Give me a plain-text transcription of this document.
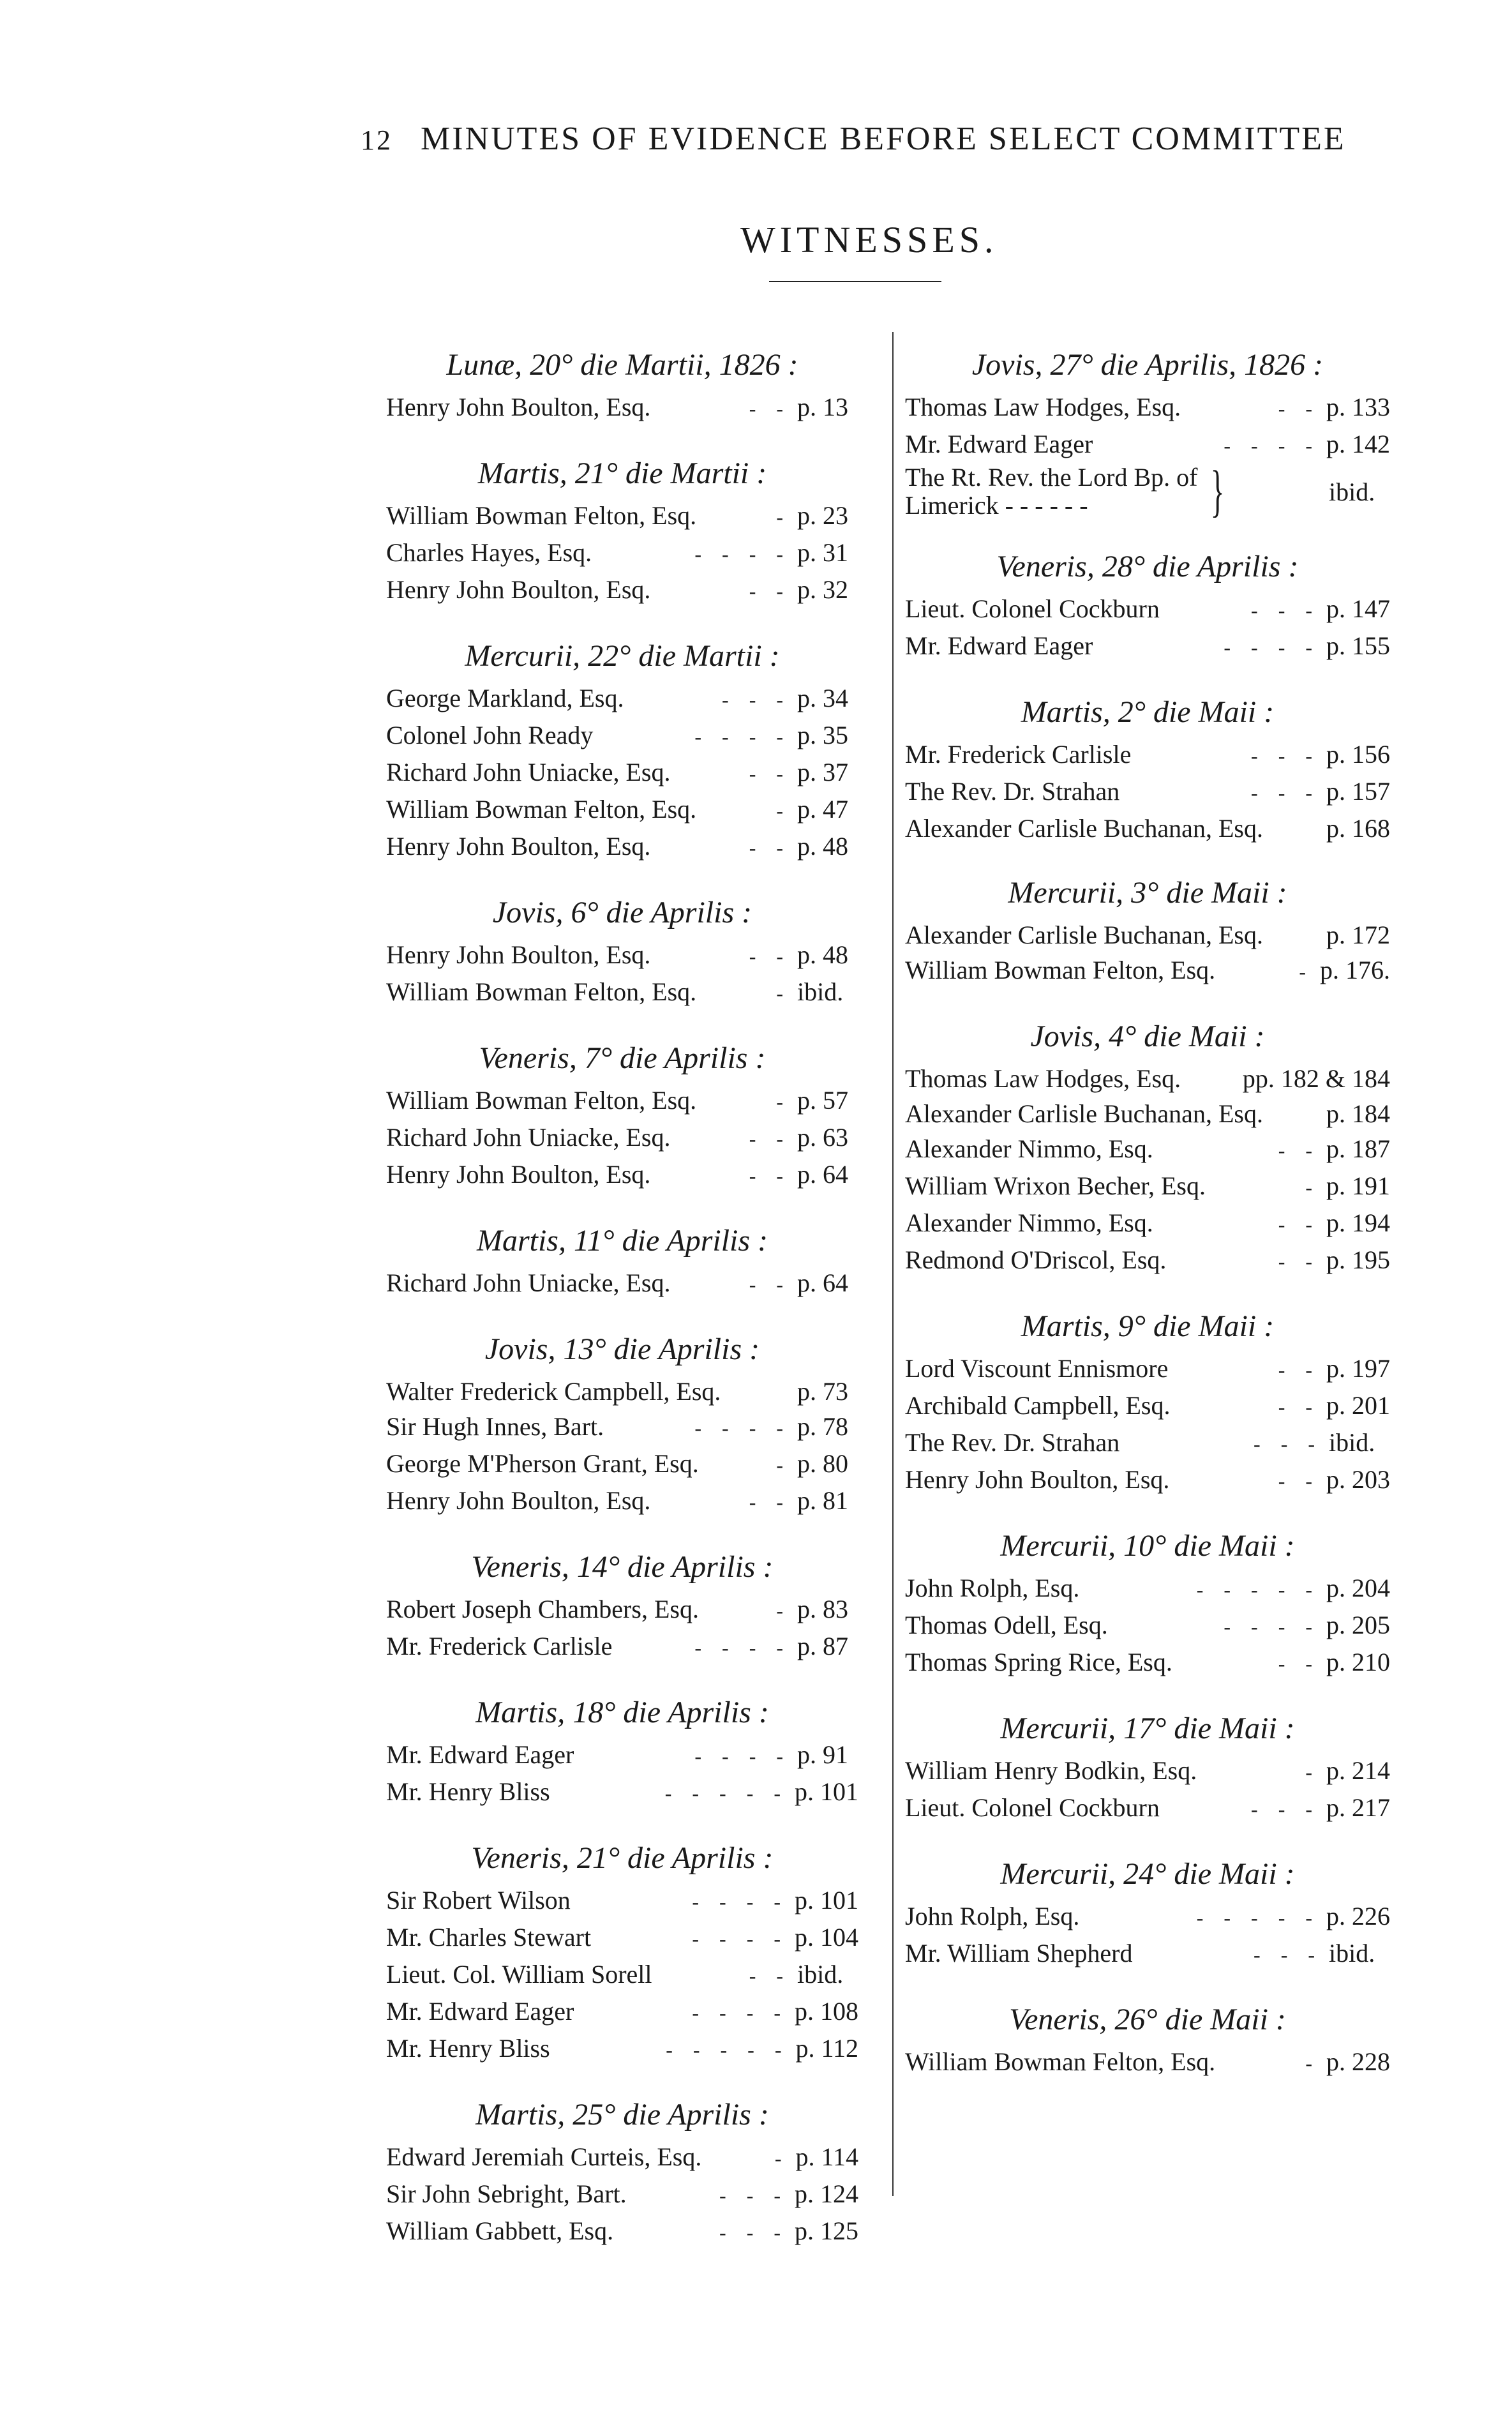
12 MINUTES OF EVIDENCE BEFORE SELECT COMMITTEE
WITNESSES.
Lunæ, 20° die Martii, 1826 :
Henry John Boulton, Esq.	- - p. 13
Martis, 21° die Martii :
William Bowman Felton, Esq.	- p. 23
Charles Hayes, Esq.	- - - - p. 31
Henry John Boulton, Esq.	- - p. 32
Mercurii, 22° die Martii :
George Markland, Esq.	- - - p. 34
Colonel John Ready	- - - - p. 35
Richard John Uniacke, Esq.	- - p. 37
William Bowman Felton, Esq.	- p. 47
Henry John Boulton, Esq.	- - p. 48
Jovis, 6° die Aprilis :
Henry John Boulton, Esq.	- - p. 48
William Bowman Felton, Esq.	- ibid.
Veneris, 7° die Aprilis :
William Bowman Felton, Esq.	- p. 57
Richard John Uniacke, Esq.	- - p. 63
Henry John Boulton, Esq.	- - p. 64
Martis, 11° die Aprilis :
Richard John Uniacke, Esq.	- - p. 64
Jovis, 13° die Aprilis :
Walter Frederick Campbell, Esq.	p. 73
Sir Hugh Innes, Bart.	- - - - p. 78
George M'Pherson Grant, Esq.	- p. 80
Henry John Boulton, Esq.	- - p. 81
Veneris, 14° die Aprilis :
Robert Joseph Chambers, Esq.	- p. 83
Mr. Frederick Carlisle	- - - - p. 87
Martis, 18° die Aprilis :
Mr. Edward Eager	- - - - p. 91
Mr. Henry Bliss	- - - - - p. 101
Veneris, 21° die Aprilis :
Sir Robert Wilson	- - - - p. 101
Mr. Charles Stewart	- - - - p. 104
Lieut. Col. William Sorell	- - ibid.
Mr. Edward Eager	- - - - p. 108
Mr. Henry Bliss	- - - - - p. 112
Martis, 25° die Aprilis :
Edward Jeremiah Curteis, Esq.	- p. 114
Sir John Sebright, Bart.	- - - p. 124
William Gabbett, Esq.	- - - p. 125
Jovis, 27° die Aprilis, 1826 :
Thomas Law Hodges, Esq.	- - p. 133
Mr. Edward Eager	- - - - p. 142
The Rt. Rev. the Lord Bp. of
Limerick - - - - - -	}	ibid.
Veneris, 28° die Aprilis :
Lieut. Colonel Cockburn	- - - p. 147
Mr. Edward Eager	- - - - p. 155
Martis, 2° die Maii :
Mr. Frederick Carlisle	- - - p. 156
The Rev. Dr. Strahan	- - - p. 157
Alexander Carlisle Buchanan, Esq. p. 168
Mercurii, 3° die Maii :
Alexander Carlisle Buchanan, Esq. p. 172
William Bowman Felton, Esq.	- p. 176.
Jovis, 4° die Maii :
Thomas Law Hodges, Esq. pp. 182 & 184
Alexander Carlisle Buchanan, Esq. p. 184
Alexander Nimmo, Esq.	- - p. 187
William Wrixon Becher, Esq.	- p. 191
Alexander Nimmo, Esq.	- - p. 194
Redmond O'Driscol, Esq.	- - p. 195
Martis, 9° die Maii :
Lord Viscount Ennismore	- - p. 197
Archibald Campbell, Esq.	- - p. 201
The Rev. Dr. Strahan	- - - ibid.
Henry John Boulton, Esq.	- - p. 203
Mercurii, 10° die Maii :
John Rolph, Esq.	- - - - - p. 204
Thomas Odell, Esq.	- - - - p. 205
Thomas Spring Rice, Esq.	- - p. 210
Mercurii, 17° die Maii :
William Henry Bodkin, Esq.	- p. 214
Lieut. Colonel Cockburn	- - - p. 217
Mercurii, 24° die Maii :
John Rolph, Esq.	- - - - - p. 226
Mr. William Shepherd	- - - ibid.
Veneris, 26° die Maii :
William Bowman Felton, Esq.	- p. 228
